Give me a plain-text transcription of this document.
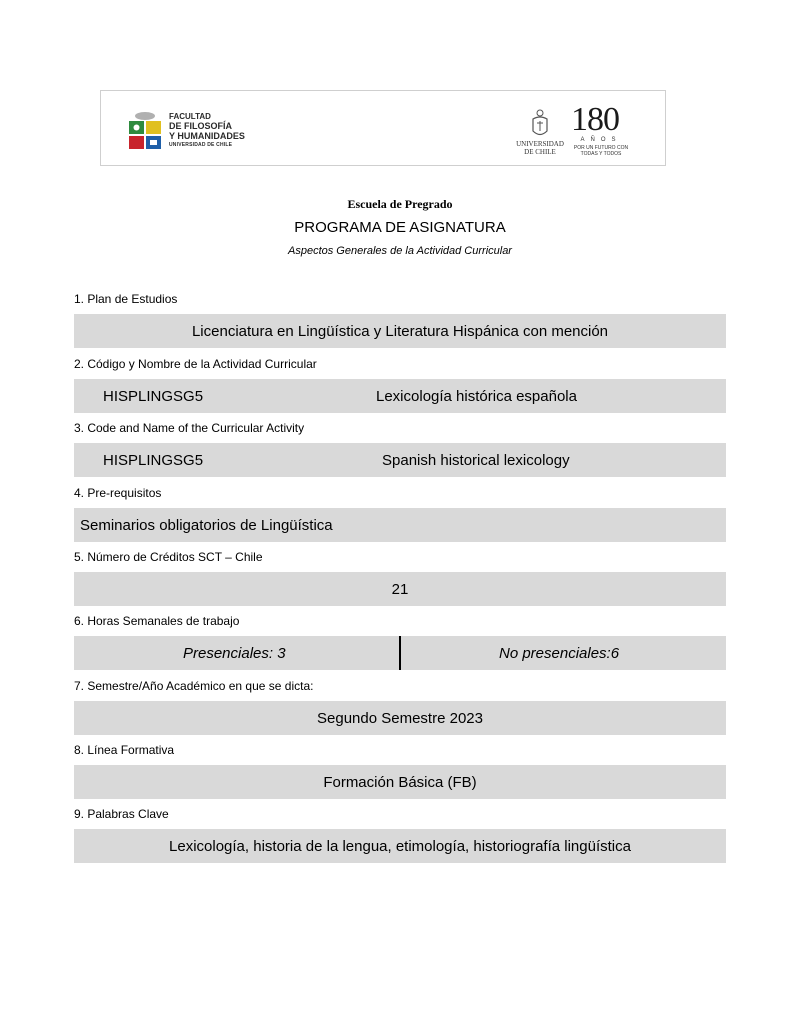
FACULTAD
DE FILOSOFÍA
Y HUMANIDADES
UNIVERSIDAD DE CHILE	UNIVERSIDAD
DE CHILE
180
AÑOS
POR UN FUTURO CON
TODAS Y TODOS
Escuela de Pregrado
PROGRAMA DE ASIGNATURA
Aspectos Generales de la Actividad Curricular
1. Plan de Estudios
Licenciatura en Lingüística y Literatura Hispánica con mención
2. Código y Nombre de la Actividad Curricular
HISPLINGSG5	Lexicología histórica española
3. Code and Name of the Curricular Activity
HISPLINGSG5	Spanish historical lexicology
4. Pre-requisitos
Seminarios obligatorios de Lingüística
5. Número de Créditos SCT – Chile
21
6. Horas Semanales de trabajo
Presenciales: 3	No presenciales:6
7. Semestre/Año Académico en que se dicta:
Segundo Semestre 2023
8. Línea Formativa
Formación Básica (FB)
9. Palabras Clave
Lexicología, historia de la lengua, etimología, historiografía lingüística
